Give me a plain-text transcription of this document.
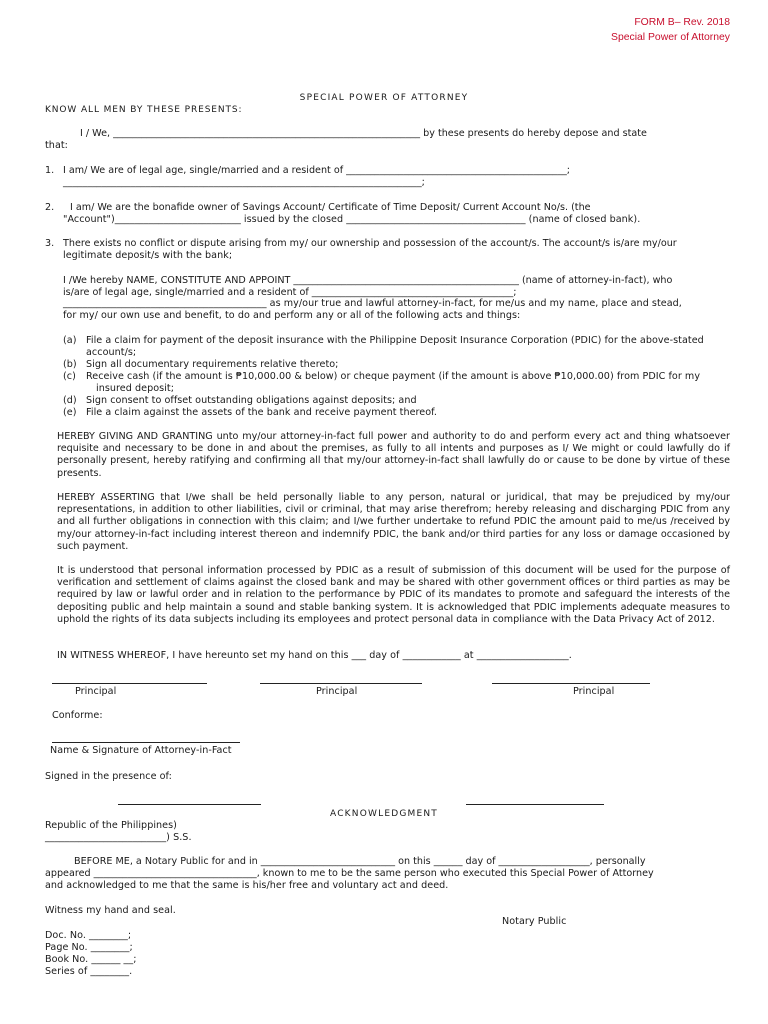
FORM B– Rev. 2018
Special Power of Attorney
SPECIAL POWER OF ATTORNEY
KNOW ALL MEN BY THESE PRESENTS:
I / We, ________________________________________________________________ by these presents do hereby depose and state
that:
1. I am/ We are of legal age, single/married and a resident of ______________________________________________;
__________________________________________________________________________;
2. I am/ We are the bonafide owner of Savings Account/ Certificate of Time Deposit/ Current Account No/s. (the
"Account")__________________________ issued by the closed _____________________________________ (name of closed bank).
3. There exists no conflict or dispute arising from my/ our ownership and possession of the account/s. The account/s is/are my/our
legitimate deposit/s with the bank;
I /We hereby NAME, CONSTITUTE AND APPOINT _______________________________________________ (name of attorney-in-fact), who
is/are of legal age, single/married and a resident of __________________________________________;
__________________________________________ as my/our true and lawful attorney-in-fact, for me/us and my name, place and stead,
for my/ our own use and benefit, to do and perform any or all of the following acts and things:
(a) File a claim for payment of the deposit insurance with the Philippine Deposit Insurance Corporation (PDIC) for the above-stated
account/s;
(b) Sign all documentary requirements relative thereto;
(c) Receive cash (if the amount is ₱10,000.00 & below) or cheque payment (if the amount is above ₱10,000.00) from PDIC for my
insured deposit;
(d) Sign consent to offset outstanding obligations against deposits; and
(e) File a claim against the assets of the bank and receive payment thereof.
HEREBY GIVING AND GRANTING unto my/our attorney-in-fact full power and authority to do and perform every act and thing whatsoever requisite and necessary to be done in and about the premises, as fully to all intents and purposes as I/ We might or could lawfully do if personally present, hereby ratifying and confirming all that my/our attorney-in-fact shall lawfully do or cause to be done by virtue of these presents.
HEREBY ASSERTING that I/we shall be held personally liable to any person, natural or juridical, that may be prejudiced by my/our representations, in addition to other liabilities, civil or criminal, that may arise therefrom; hereby releasing and discharging PDIC from any and all further obligations in connection with this claim; and I/we further undertake to refund PDIC the amount paid to me/us /received by my/our attorney-in-fact including interest thereon and indemnify PDIC, the bank and/or third parties for any loss or damage occasioned by such payment.
It is understood that personal information processed by PDIC as a result of submission of this document will be used for the purpose of verification and settlement of claims against the closed bank and may be shared with other government offices or third parties as may be required by law or lawful order and in relation to the performance by PDIC of its mandates to promote and safeguard the interests of the depositing public and help maintain a sound and stable banking system. It is acknowledged that PDIC implements adequate measures to uphold the rights of its data subjects including its employees and protect personal data in compliance with the Data Privacy Act of 2012.
IN WITNESS WHEREOF, I have hereunto set my hand on this ___ day of ____________ at ___________________.
Principal	Principal	Principal
Conforme:
Name & Signature of Attorney-in-Fact
Signed in the presence of:
ACKNOWLEDGMENT
Republic of the Philippines)
_________________________) S.S.
BEFORE ME, a Notary Public for and in ____________________________ on this ______ day of ___________________, personally
appeared __________________________________, known to me to be the same person who executed this Special Power of Attorney
and acknowledged to me that the same is his/her free and voluntary act and deed.
Witness my hand and seal.
Notary Public
Doc. No. ________;
Page No. ________;
Book No. ______ __;
Series of ________.
